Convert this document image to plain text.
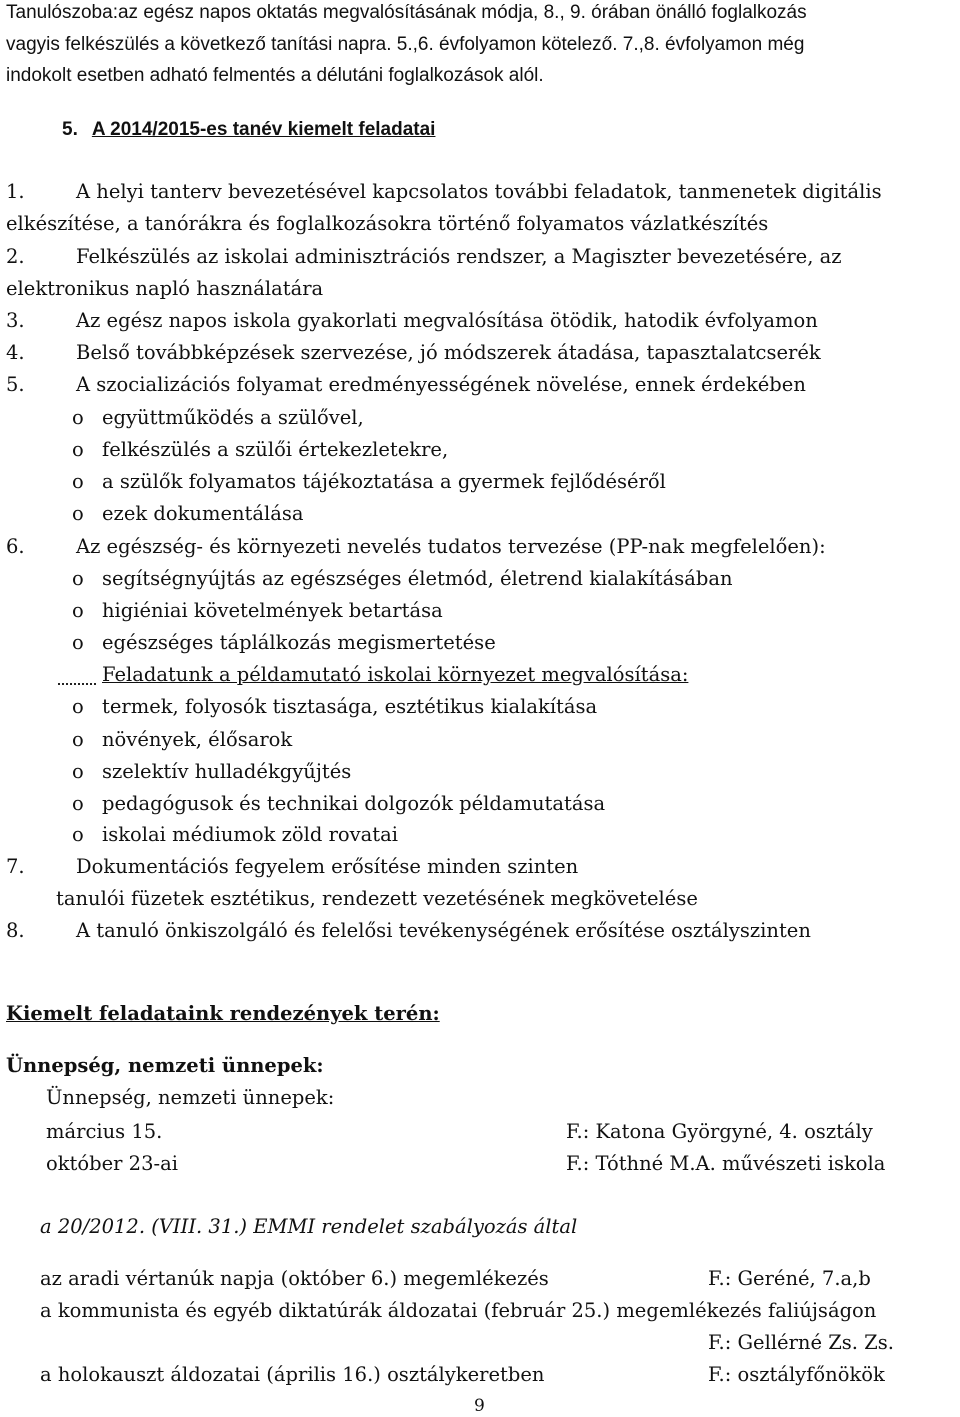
Tanulószoba:az egész napos oktatás megvalósításának módja, 8., 9. órában önálló foglalkozás
vagyis felkészülés a következő tanítási napra. 5.,6. évfolyamon kötelező. 7.,8. évfolyamon még
indokolt esetben adható felmentés a délutáni foglalkozások alól.
5. A 2014/2015-es tanév kiemelt feladatai
1.	A helyi tanterv bevezetésével kapcsolatos további feladatok, tanmenetek digitális
elkészítése, a tanórákra és foglalkozásokra történő folyamatos vázlatkészítés
2.	Felkészülés az iskolai adminisztrációs rendszer, a Magiszter bevezetésére, az
elektronikus napló használatára
3.	Az egész napos iskola gyakorlati megvalósítása ötödik, hatodik évfolyamon
4.	Belső továbbképzések szervezése, jó módszerek átadása, tapasztalatcserék
5.	A szocializációs folyamat eredményességének növelése, ennek érdekében
o együttműködés a szülővel,
o felkészülés a szülői értekezletekre,
o a szülők folyamatos tájékoztatása a gyermek fejlődéséről
o ezek dokumentálása
6.	Az egészség- és környezeti nevelés tudatos tervezése (PP-nak megfelelően):
o segítségnyújtás az egészséges életmód, életrend kialakításában
o higiéniai követelmények betartása
o egészséges táplálkozás megismertetése
Feladatunk a példamutató iskolai környezet megvalósítása:
o termek, folyosók tisztasága, esztétikus kialakítása
o növények, élősarok
o szelektív hulladékgyűjtés
o pedagógusok és technikai dolgozók példamutatása
o iskolai médiumok zöld rovatai
7.	Dokumentációs fegyelem erősítése minden szinten
tanulói füzetek esztétikus, rendezett vezetésének megkövetelése
8.	A tanuló önkiszolgáló és felelősi tevékenységének erősítése osztályszinten
Kiemelt feladataink rendezények terén:
Ünnepség, nemzeti ünnepek:
Ünnepség, nemzeti ünnepek:
március 15.	F.: Katona Györgyné, 4. osztály
október 23-ai	F.: Tóthné M.A. művészeti iskola
a 20/2012. (VIII. 31.) EMMI rendelet szabályozás által
az aradi vértanúk napja (október 6.) megemlékezés	F.: Geréné, 7.a,b
a kommunista és egyéb diktatúrák áldozatai (február 25.) megemlékezés faliújságon
F.: Gellérné Zs. Zs.
a holokauszt áldozatai (április 16.) osztálykeretben	F.: osztályfőnökök
9
